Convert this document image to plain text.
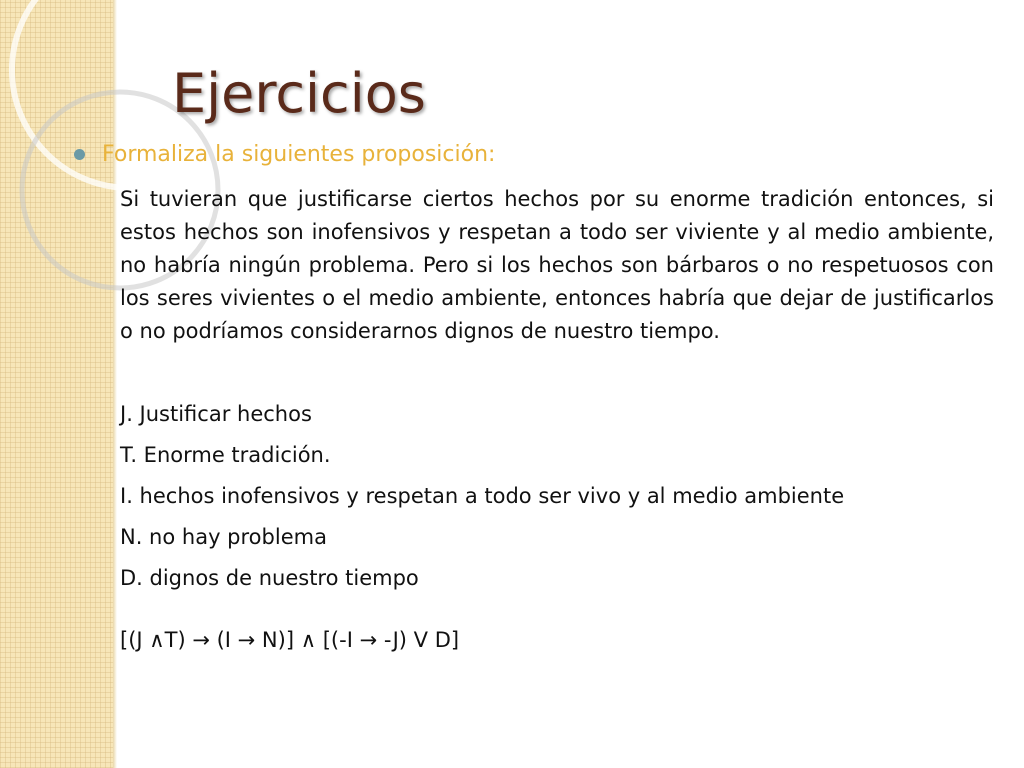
Ejercicios
Formaliza la siguientes proposición:

Si tuvieran que justificarse ciertos hechos por su enorme tradición entonces, si estos hechos son inofensivos y respetan a todo ser viviente y al medio ambiente, no habría ningún problema. Pero si los hechos son bárbaros o no respetuosos con los seres vivientes o el medio ambiente, entonces habría que dejar de justificarlos o no podríamos considerarnos dignos de nuestro tiempo.

J. Justificar hechos
T. Enorme tradición.
I. hechos inofensivos y respetan a todo ser vivo y al medio ambiente
N. no hay problema
D. dignos de nuestro tiempo
[(J ∧T) → (I → N)] ∧ [(-I → -J) V D]
